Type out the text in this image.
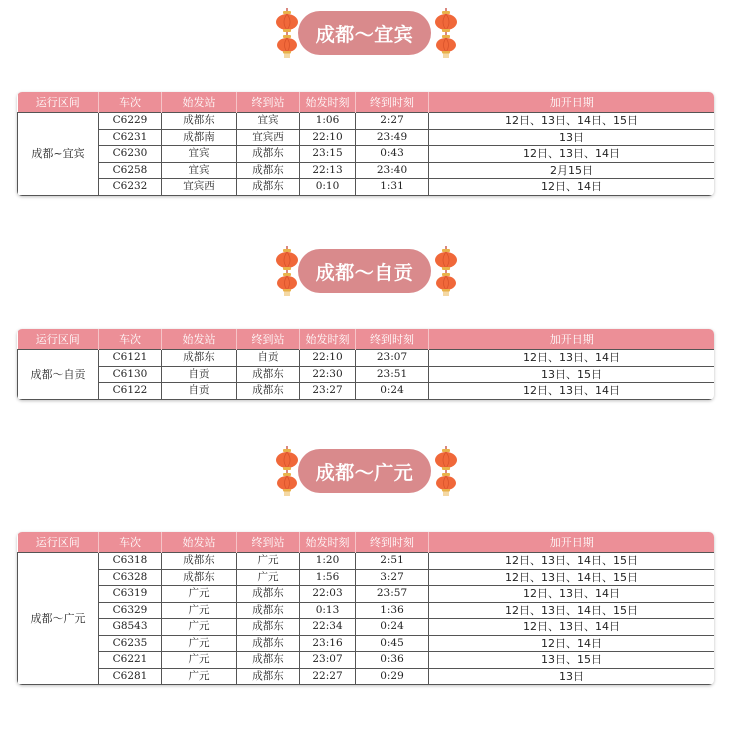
成都～宜宾
运行区间	车次	始发站	终到站	始发时刻	终到时刻	加开日期
成都~宜宾	C6229	成都东	宜宾	1:06	2:27	12日、13日、14日、15日
	C6231	成都南	宜宾西	22:10	23:49	13日
	C6230	宜宾	成都东	23:15	0:43	12日、13日、14日
	C6258	宜宾	成都东	22:13	23:40	2月15日
	C6232	宜宾西	成都东	0:10	1:31	12日、14日
成都～自贡
运行区间	车次	始发站	终到站	始发时刻	终到时刻	加开日期
成都～自贡	C6121	成都东	自贡	22:10	23:07	12日、13日、14日
	C6130	自贡	成都东	22:30	23:51	13日、15日
	C6122	自贡	成都东	23:27	0:24	12日、13日、14日
成都～广元
运行区间	车次	始发站	终到站	始发时刻	终到时刻	加开日期
成都～广元	C6318	成都东	广元	1:20	2:51	12日、13日、14日、15日
	C6328	成都东	广元	1:56	3:27	12日、13日、14日、15日
	C6319	广元	成都东	22:03	23:57	12日、13日、14日
	C6329	广元	成都东	0:13	1:36	12日、13日、14日、15日
	G8543	广元	成都东	22:34	0:24	12日、13日、14日
	C6235	广元	成都东	23:16	0:45	12日、14日
	C6221	广元	成都东	23:07	0:36	13日、15日
	C6281	广元	成都东	22:27	0:29	13日
